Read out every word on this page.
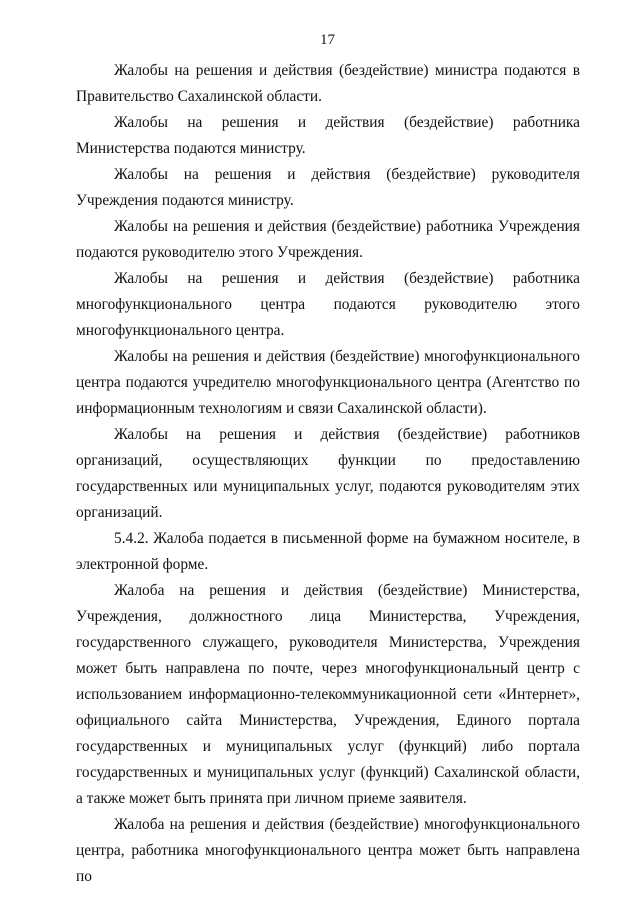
17

Жалобы на решения и действия (бездействие) министра подаются в Правительство Сахалинской области.

Жалобы на решения и действия (бездействие) работника Министерства подаются министру.

Жалобы на решения и действия (бездействие) руководителя Учреждения подаются министру.

Жалобы на решения и действия (бездействие) работника Учреждения подаются руководителю этого Учреждения.

Жалобы на решения и действия (бездействие) работника многофункционального центра подаются руководителю этого многофункционального центра.

Жалобы на решения и действия (бездействие) многофункционального центра подаются учредителю многофункционального центра (Агентство по информационным технологиям и связи Сахалинской области).

Жалобы на решения и действия (бездействие) работников организаций, осуществляющих функции по предоставлению государственных или муниципальных услуг, подаются руководителям этих организаций.

5.4.2. Жалоба подается в письменной форме на бумажном носителе, в электронной форме.

Жалоба на решения и действия (бездействие) Министерства, Учреждения, должностного лица Министерства, Учреждения, государственного служащего, руководителя Министерства, Учреждения может быть направлена по почте, через многофункциональный центр с использованием информационно-телекоммуникационной сети «Интернет», официального сайта Министерства, Учреждения, Единого портала государственных и муниципальных услуг (функций) либо портала государственных и муниципальных услуг (функций) Сахалинской области, а также может быть принята при личном приеме заявителя.

Жалоба на решения и действия (бездействие) многофункционального центра, работника многофункционального центра может быть направлена по
